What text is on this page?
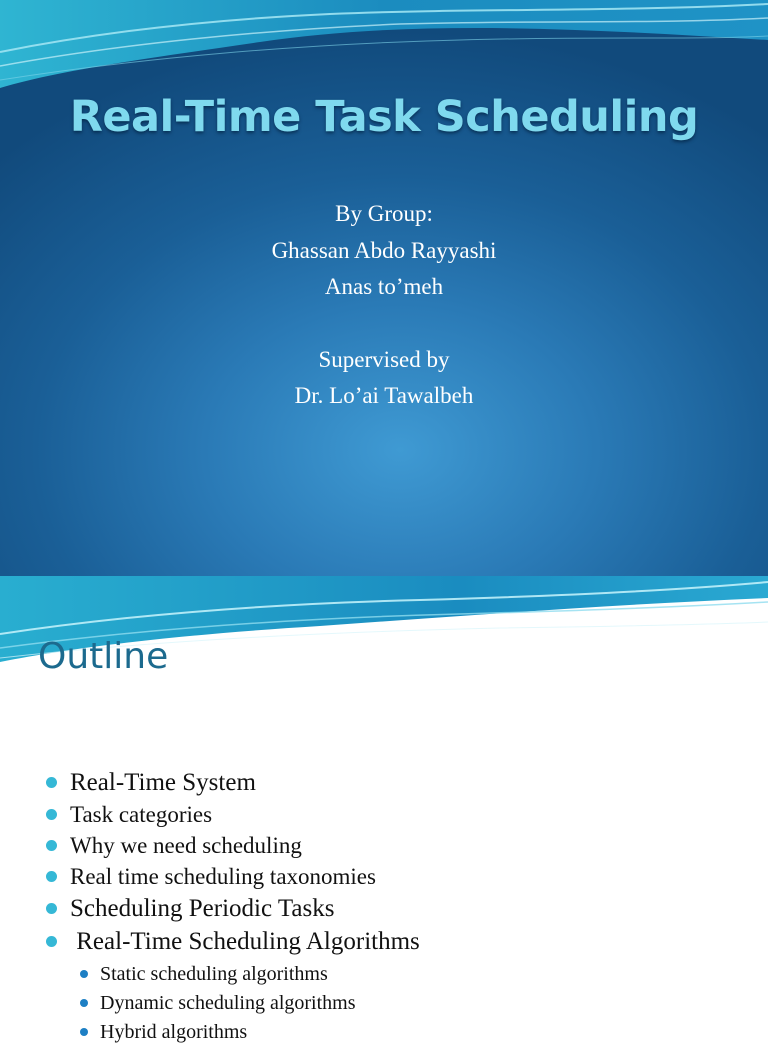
Real-Time Task Scheduling
By Group:
Ghassan Abdo Rayyashi
Anas to’meh
Supervised by
Dr. Lo’ai Tawalbeh
Outline
Real-Time System
Task categories
Why we need scheduling
Real time scheduling taxonomies
Scheduling Periodic Tasks
Real-Time Scheduling Algorithms
Static scheduling algorithms
Dynamic scheduling algorithms
Hybrid algorithms
